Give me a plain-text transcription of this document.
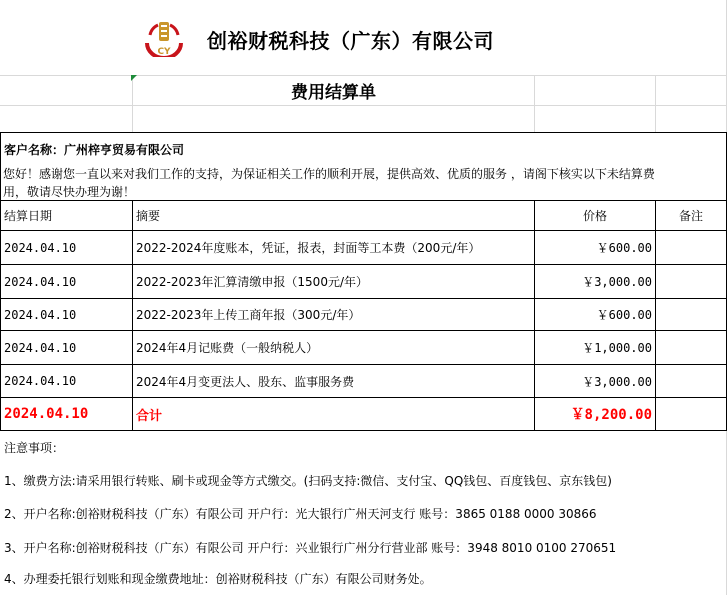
CY 创裕财税科技（广东）有限公司
费用结算单
客户名称： 广州梓亨贸易有限公司
您好！感谢您一直以来对我们工作的支持，为保证相关工作的顺利开展，提供高效、优质的服务 ，请阁下核实以下未结算费
用，敬请尽快办理为谢！
结算日期	摘要	价格	备注
2024.04.10	2022-2024年度账本，凭证，报表，封面等工本费（200元/年）	￥600.00
2024.04.10	2022-2023年汇算清缴申报（1500元/年）	￥3,000.00
2024.04.10	2022-2023年上传工商年报（300元/年）	￥600.00
2024.04.10	2024年4月记账费（一般纳税人）	￥1,000.00
2024.04.10	2024年4月变更法人、股东、监事服务费	￥3,000.00
2024.04.10	合计	￥8,200.00
注意事项：
1、缴费方法:请采用银行转账、刷卡或现金等方式缴交。(扫码支持:微信、支付宝、QQ钱包、百度钱包、京东钱包)
2、开户名称:创裕财税科技（广东）有限公司 开户行：光大银行广州天河支行 账号：3865 0188 0000 30866
3、开户名称:创裕财税科技（广东）有限公司 开户行：兴业银行广州分行营业部 账号：3948 8010 0100 270651
4、办理委托银行划账和现金缴费地址：创裕财税科技（广东）有限公司财务处。
